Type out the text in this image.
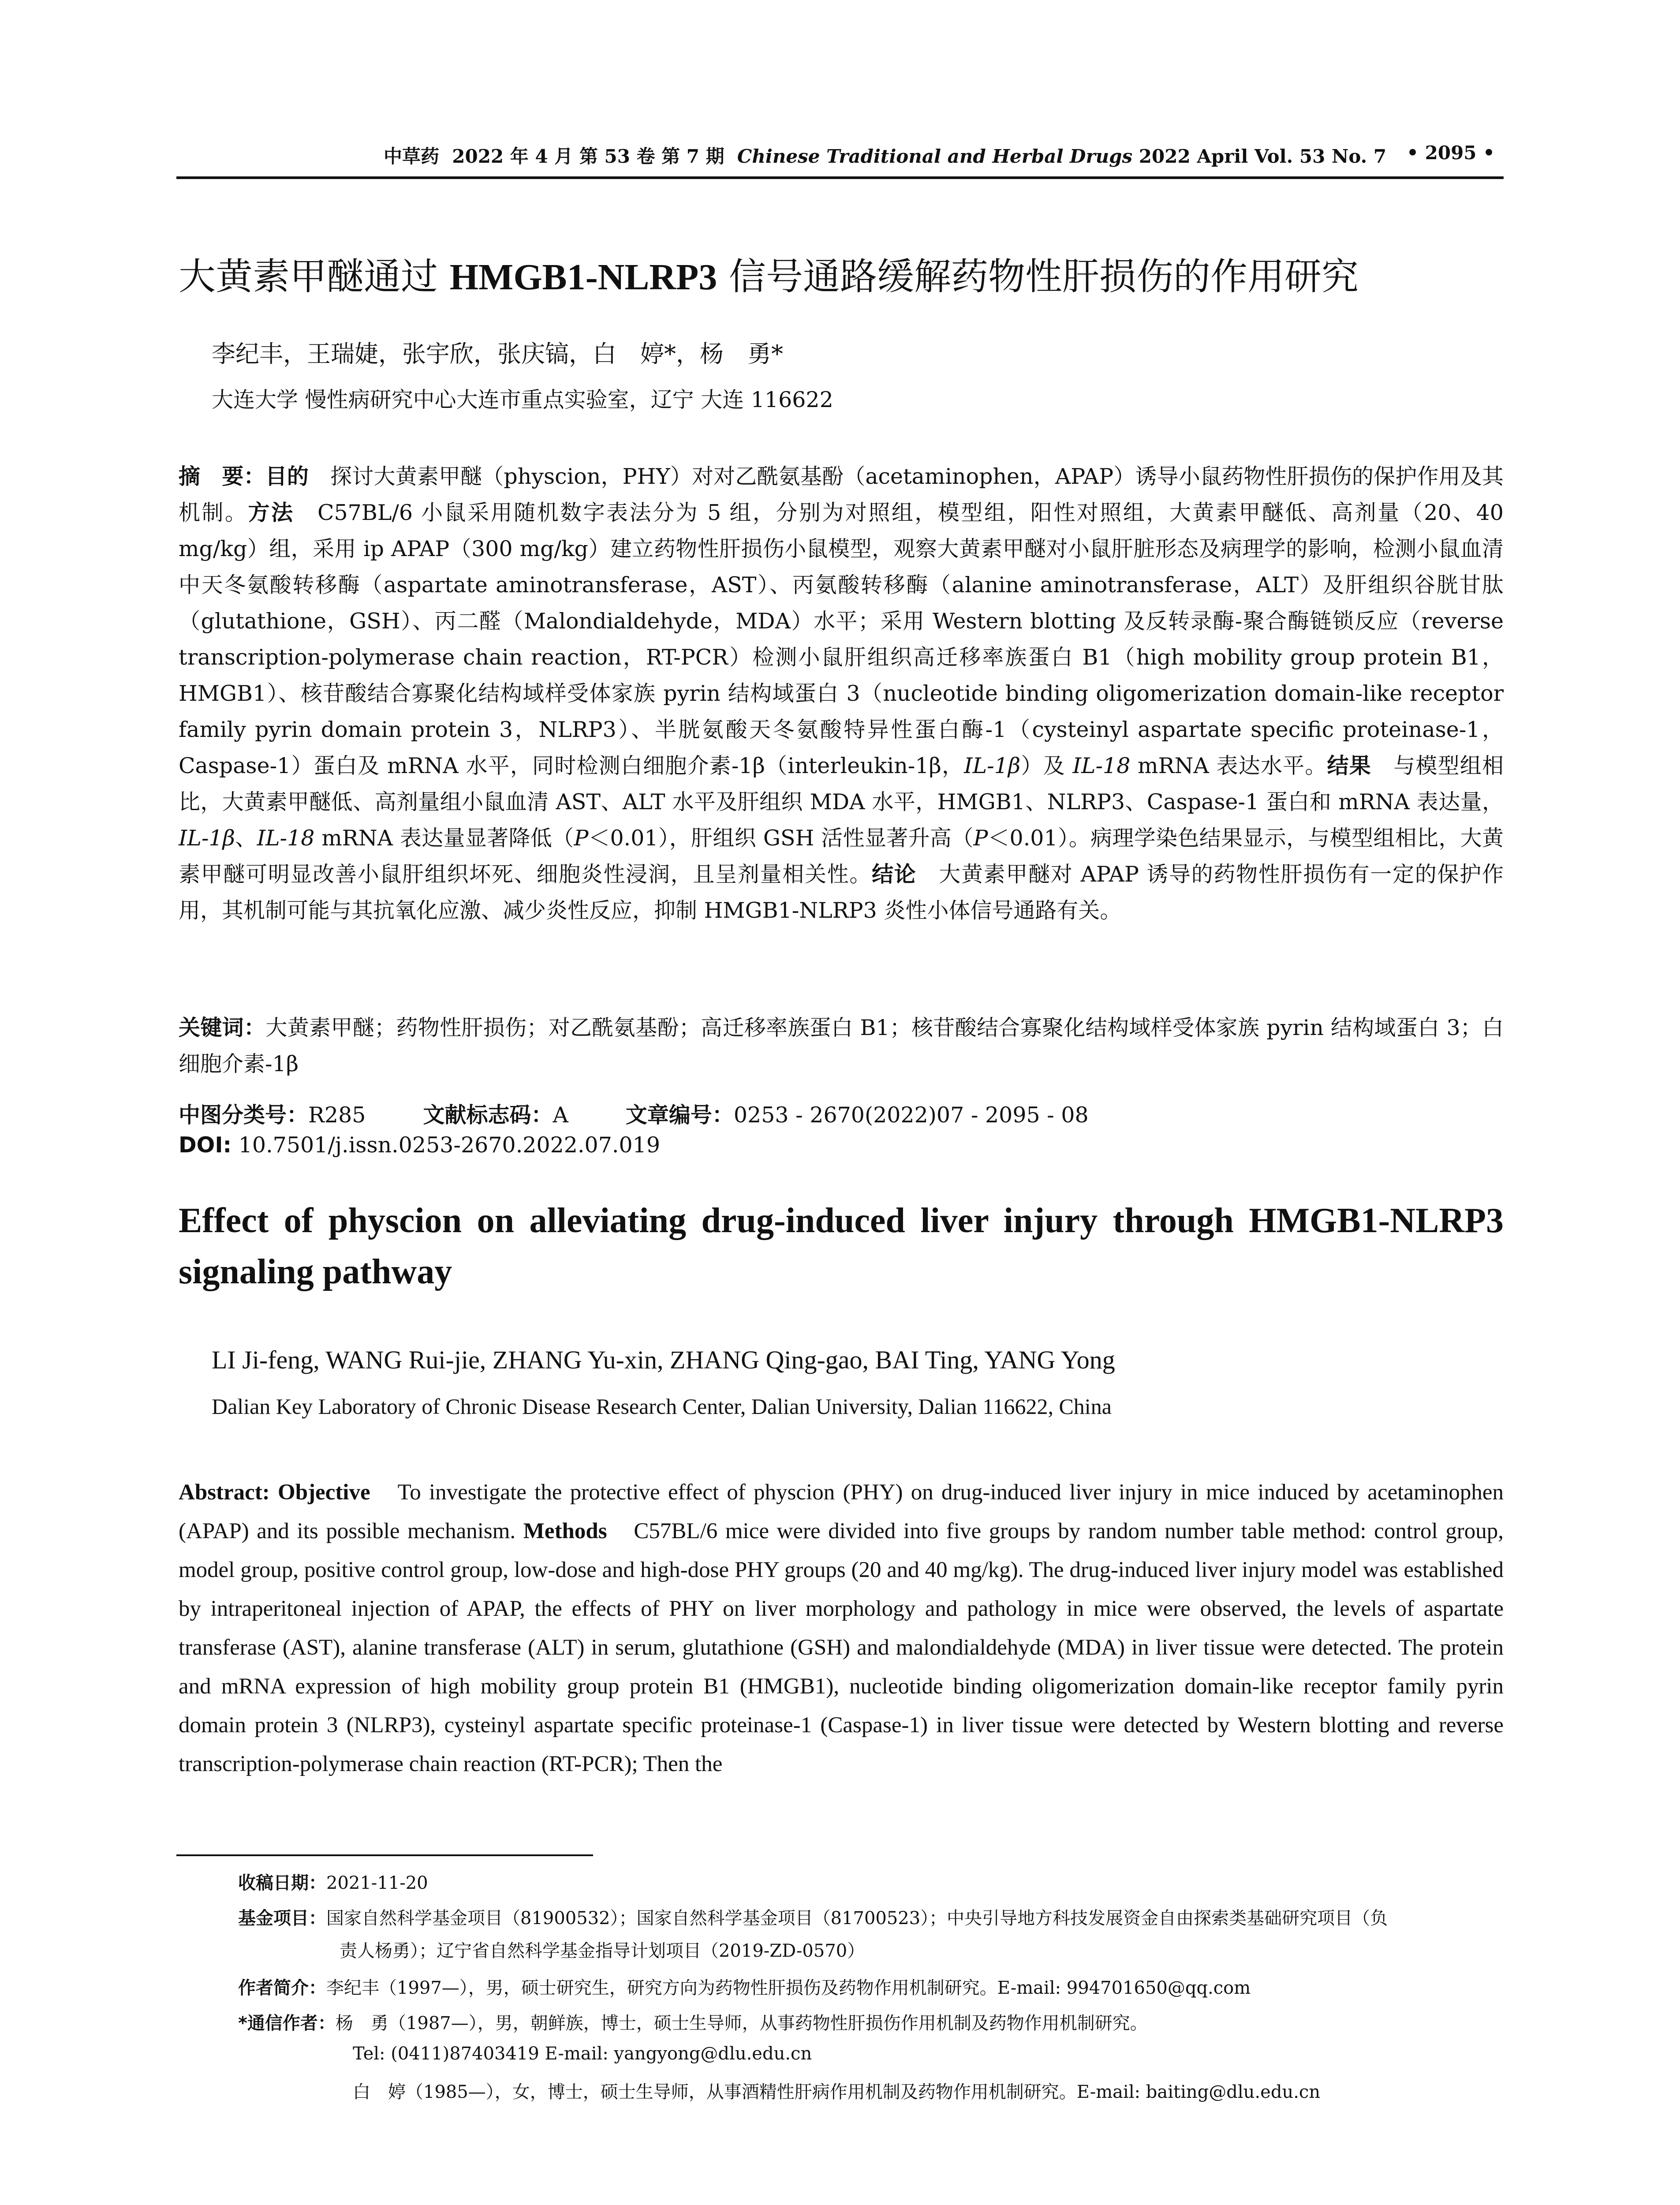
中草药 2022 年 4 月 第 53 卷 第 7 期 Chinese Traditional and Herbal Drugs 2022 April Vol. 53 No. 7 • 2095 •
大黄素甲醚通过 HMGB1-NLRP3 信号通路缓解药物性肝损伤的作用研究
李纪丰，王瑞婕，张宇欣，张庆镐，白　婷*，杨　勇*
大连大学 慢性病研究中心大连市重点实验室，辽宁 大连 116622
摘　要：目的　探讨大黄素甲醚（physcion，PHY）对对乙酰氨基酚（acetaminophen，APAP）诱导小鼠药物性肝损伤的保护作用及其机制。方法　C57BL/6 小鼠采用随机数字表法分为 5 组，分别为对照组，模型组，阳性对照组，大黄素甲醚低、高剂量（20、40 mg/kg）组，采用 ip APAP（300 mg/kg）建立药物性肝损伤小鼠模型，观察大黄素甲醚对小鼠肝脏形态及病理学的影响，检测小鼠血清中天冬氨酸转移酶（aspartate aminotransferase，AST）、丙氨酸转移酶（alanine aminotransferase，ALT）及肝组织谷胱甘肽（glutathione，GSH）、丙二醛（Malondialdehyde，MDA）水平；采用 Western blotting 及反转录酶-聚合酶链锁反应（reverse transcription-polymerase chain reaction，RT-PCR）检测小鼠肝组织高迁移率族蛋白 B1（high mobility group protein B1，HMGB1）、核苷酸结合寡聚化结构域样受体家族 pyrin 结构域蛋白 3（nucleotide binding oligomerization domain-like receptor family pyrin domain protein 3，NLRP3）、半胱氨酸天冬氨酸特异性蛋白酶-1（cysteinyl aspartate specific proteinase-1，Caspase-1）蛋白及 mRNA 水平，同时检测白细胞介素-1β（interleukin-1β，IL-1β）及 IL-18 mRNA 表达水平。结果　与模型组相比，大黄素甲醚低、高剂量组小鼠血清 AST、ALT 水平及肝组织 MDA 水平，HMGB1、NLRP3、Caspase-1 蛋白和 mRNA 表达量，IL-1β、IL-18 mRNA 表达量显著降低（P＜0.01），肝组织 GSH 活性显著升高（P＜0.01）。病理学染色结果显示，与模型组相比，大黄素甲醚可明显改善小鼠肝组织坏死、细胞炎性浸润，且呈剂量相关性。结论　大黄素甲醚对 APAP 诱导的药物性肝损伤有一定的保护作用，其机制可能与其抗氧化应激、减少炎性反应，抑制 HMGB1-NLRP3 炎性小体信号通路有关。
关键词：大黄素甲醚；药物性肝损伤；对乙酰氨基酚；高迁移率族蛋白 B1；核苷酸结合寡聚化结构域样受体家族 pyrin 结构域蛋白 3；白细胞介素-1β
中图分类号：R285	文献标志码：A	文章编号：0253 - 2670(2022)07 - 2095 - 08
DOI: 10.7501/j.issn.0253-2670.2022.07.019
Effect of physcion on alleviating drug-induced liver injury through HMGB1-NLRP3 signaling pathway
LI Ji-feng, WANG Rui-jie, ZHANG Yu-xin, ZHANG Qing-gao, BAI Ting, YANG Yong
Dalian Key Laboratory of Chronic Disease Research Center, Dalian University, Dalian 116622, China
Abstract: Objective　To investigate the protective effect of physcion (PHY) on drug-induced liver injury in mice induced by acetaminophen (APAP) and its possible mechanism. Methods　C57BL/6 mice were divided into five groups by random number table method: control group, model group, positive control group, low-dose and high-dose PHY groups (20 and 40 mg/kg). The drug-induced liver injury model was established by intraperitoneal injection of APAP, the effects of PHY on liver morphology and pathology in mice were observed, the levels of aspartate transferase (AST), alanine transferase (ALT) in serum, glutathione (GSH) and malondialdehyde (MDA) in liver tissue were detected. The protein and mRNA expression of high mobility group protein B1 (HMGB1), nucleotide binding oligomerization domain-like receptor family pyrin domain protein 3 (NLRP3), cysteinyl aspartate specific proteinase-1 (Caspase-1) in liver tissue were detected by Western blotting and reverse transcription-polymerase chain reaction (RT-PCR); Then the
收稿日期：2021-11-20
基金项目：国家自然科学基金项目（81900532）；国家自然科学基金项目（81700523）；中央引导地方科技发展资金自由探索类基础研究项目（负
责人杨勇）；辽宁省自然科学基金指导计划项目（2019-ZD-0570）
作者简介：李纪丰（1997—），男，硕士研究生，研究方向为药物性肝损伤及药物作用机制研究。E-mail: 994701650@qq.com
*通信作者：杨　勇（1987—），男，朝鲜族，博士，硕士生导师，从事药物性肝损伤作用机制及药物作用机制研究。
Tel: (0411)87403419 E-mail: yangyong@dlu.edu.cn
白　婷（1985—），女，博士，硕士生导师，从事酒精性肝病作用机制及药物作用机制研究。E-mail: baiting@dlu.edu.cn
